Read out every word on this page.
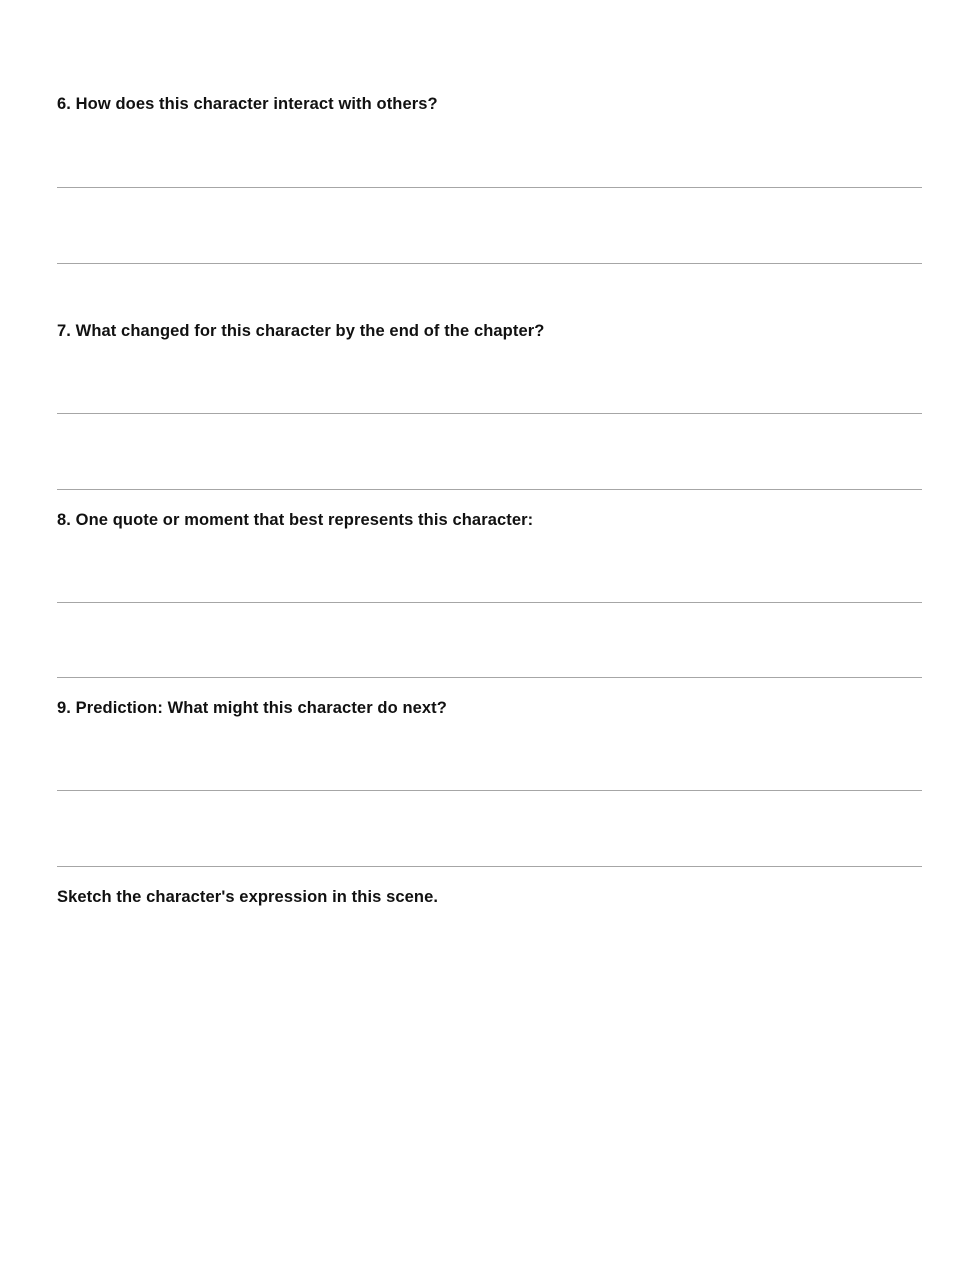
6. How does this character interact with others?
7. What changed for this character by the end of the chapter?
8. One quote or moment that best represents this character:
9. Prediction: What might this character do next?
Sketch the character's expression in this scene.
